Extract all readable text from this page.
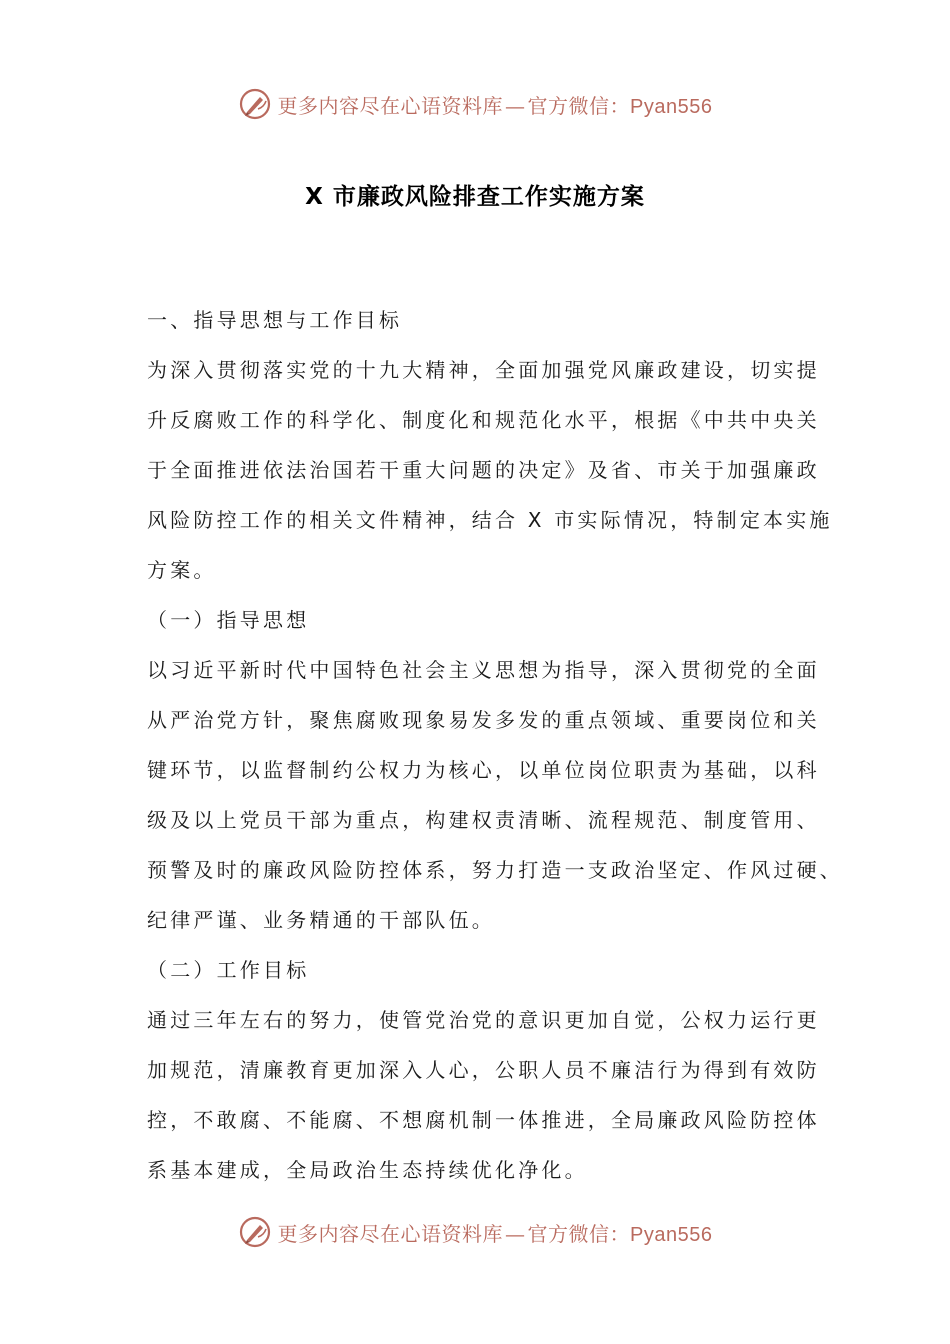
更多内容尽在心语资料库 — 官方微信：Pyan556
X 市廉政风险排查工作实施方案
一、指导思想与工作目标
为深入贯彻落实党的十九大精神，全面加强党风廉政建设，切实提
升反腐败工作的科学化、制度化和规范化水平，根据《中共中央关
于全面推进依法治国若干重大问题的决定》及省、市关于加强廉政
风险防控工作的相关文件精神，结合 X 市实际情况，特制定本实施
方案。
（一）指导思想
以习近平新时代中国特色社会主义思想为指导，深入贯彻党的全面
从严治党方针，聚焦腐败现象易发多发的重点领域、重要岗位和关
键环节，以监督制约公权力为核心，以单位岗位职责为基础，以科
级及以上党员干部为重点，构建权责清晰、流程规范、制度管用、
预警及时的廉政风险防控体系，努力打造一支政治坚定、作风过硬、
纪律严谨、业务精通的干部队伍。
（二）工作目标
通过三年左右的努力，使管党治党的意识更加自觉，公权力运行更
加规范，清廉教育更加深入人心，公职人员不廉洁行为得到有效防
控，不敢腐、不能腐、不想腐机制一体推进，全局廉政风险防控体
系基本建成，全局政治生态持续优化净化。
更多内容尽在心语资料库 — 官方微信：Pyan556
